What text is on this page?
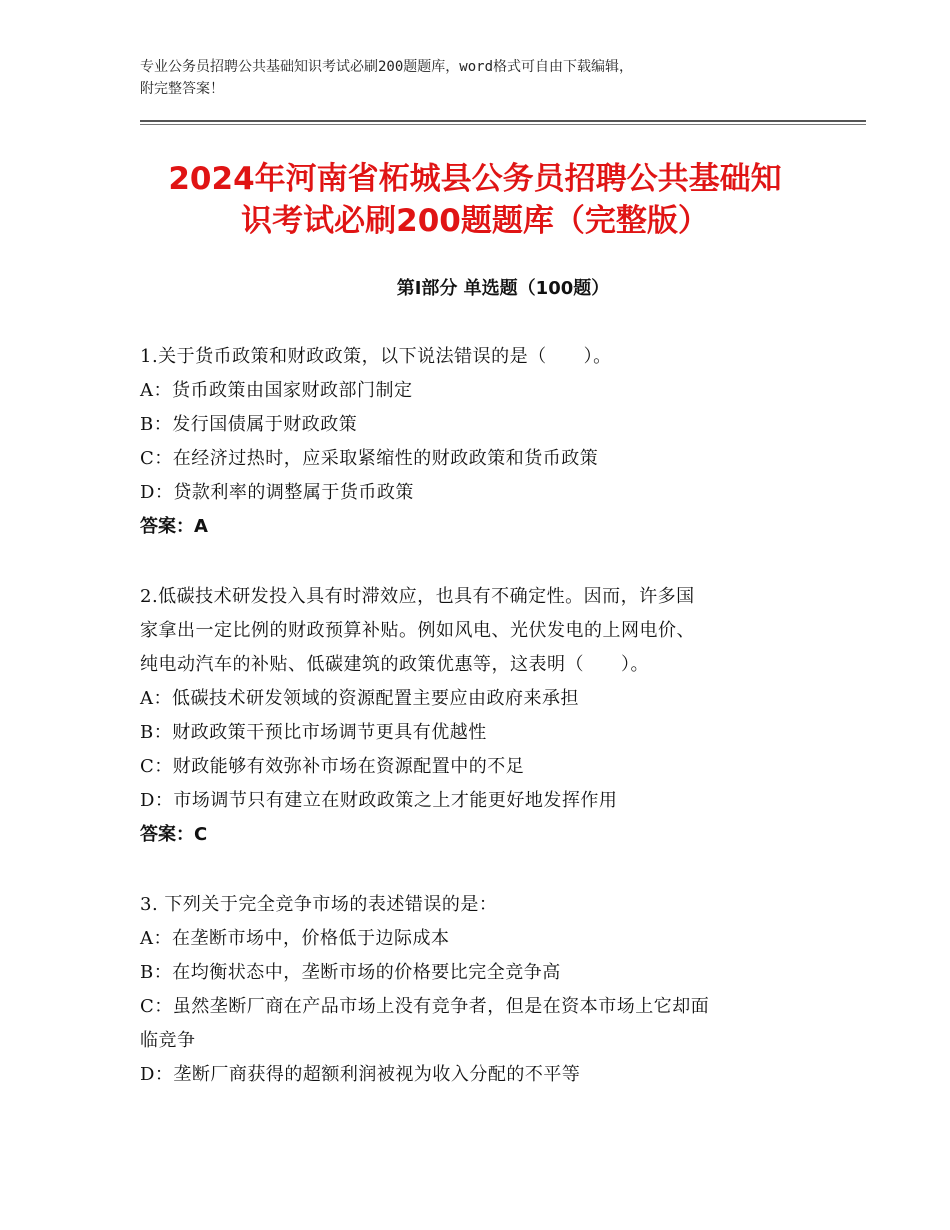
专业公务员招聘公共基础知识考试必刷200题题库，word格式可自由下载编辑，
附完整答案！
2024年河南省柘城县公务员招聘公共基础知
识考试必刷200题题库（完整版）
第Ⅰ部分 单选题（100题）
1.关于货币政策和财政政策，以下说法错误的是（　　）。
A：货币政策由国家财政部门制定
B：发行国债属于财政政策
C：在经济过热时，应采取紧缩性的财政政策和货币政策
D：贷款利率的调整属于货币政策
答案：A
2.低碳技术研发投入具有时滞效应，也具有不确定性。因而，许多国
家拿出一定比例的财政预算补贴。例如风电、光伏发电的上网电价、
纯电动汽车的补贴、低碳建筑的政策优惠等，这表明（　　）。
A：低碳技术研发领域的资源配置主要应由政府来承担
B：财政政策干预比市场调节更具有优越性
C：财政能够有效弥补市场在资源配置中的不足
D：市场调节只有建立在财政政策之上才能更好地发挥作用
答案：C
3. 下列关于完全竞争市场的表述错误的是：
A：在垄断市场中，价格低于边际成本
B：在均衡状态中，垄断市场的价格要比完全竞争高
C：虽然垄断厂商在产品市场上没有竞争者，但是在资本市场上它却面
临竞争
D：垄断厂商获得的超额利润被视为收入分配的不平等
